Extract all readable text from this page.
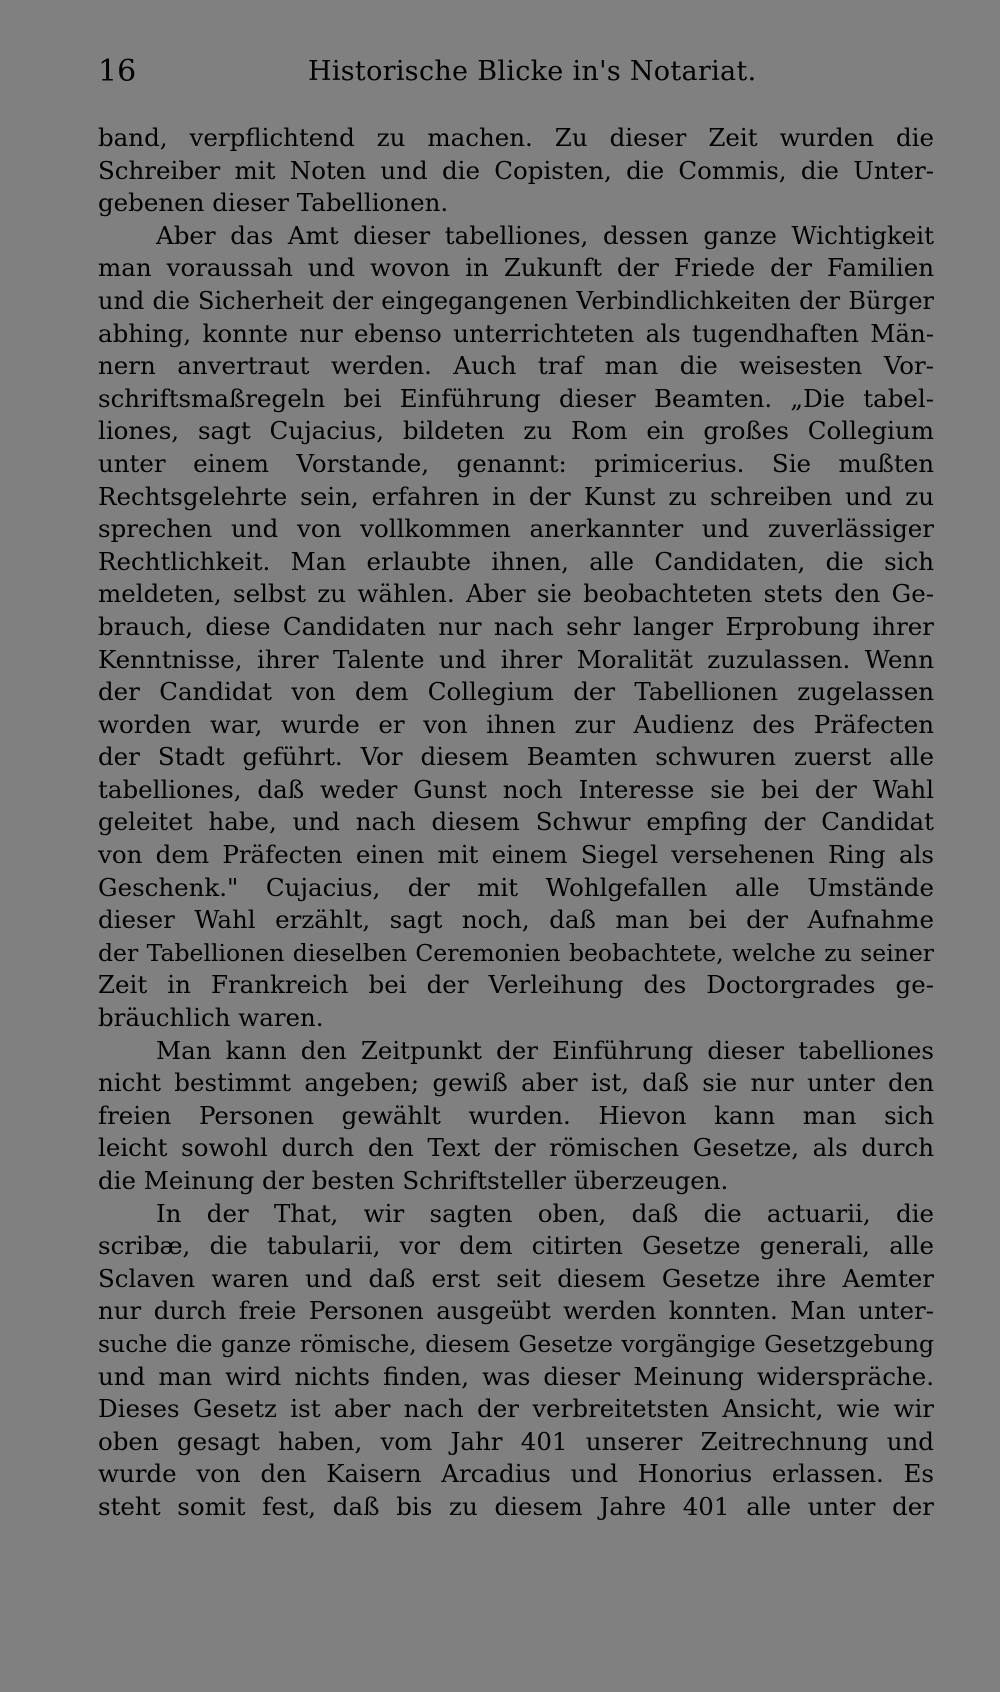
16	Historische Blicke in's Notariat.
band, verpflichtend zu machen. Zu dieser Zeit wurden die
Schreiber mit Noten und die Copisten, die Commis, die Unter-
gebenen dieser Tabellionen.
Aber das Amt dieser tabelliones, dessen ganze Wichtigkeit
man voraussah und wovon in Zukunft der Friede der Familien
und die Sicherheit der eingegangenen Verbindlichkeiten der Bürger
abhing, konnte nur ebenso unterrichteten als tugendhaften Män-
nern anvertraut werden. Auch traf man die weisesten Vor-
schriftsmaßregeln bei Einführung dieser Beamten. „Die tabel-
liones, sagt Cujacius, bildeten zu Rom ein großes Collegium
unter einem Vorstande, genannt: primicerius. Sie mußten
Rechtsgelehrte sein, erfahren in der Kunst zu schreiben und zu
sprechen und von vollkommen anerkannter und zuverlässiger
Rechtlichkeit. Man erlaubte ihnen, alle Candidaten, die sich
meldeten, selbst zu wählen. Aber sie beobachteten stets den Ge-
brauch, diese Candidaten nur nach sehr langer Erprobung ihrer
Kenntnisse, ihrer Talente und ihrer Moralität zuzulassen. Wenn
der Candidat von dem Collegium der Tabellionen zugelassen
worden war, wurde er von ihnen zur Audienz des Präfecten
der Stadt geführt. Vor diesem Beamten schwuren zuerst alle
tabelliones, daß weder Gunst noch Interesse sie bei der Wahl
geleitet habe, und nach diesem Schwur empfing der Candidat
von dem Präfecten einen mit einem Siegel versehenen Ring als
Geschenk." Cujacius, der mit Wohlgefallen alle Umstände
dieser Wahl erzählt, sagt noch, daß man bei der Aufnahme
der Tabellionen dieselben Ceremonien beobachtete, welche zu seiner
Zeit in Frankreich bei der Verleihung des Doctorgrades ge-
bräuchlich waren.
Man kann den Zeitpunkt der Einführung dieser tabelliones
nicht bestimmt angeben; gewiß aber ist, daß sie nur unter den
freien Personen gewählt wurden. Hievon kann man sich
leicht sowohl durch den Text der römischen Gesetze, als durch
die Meinung der besten Schriftsteller überzeugen.
In der That, wir sagten oben, daß die actuarii, die
scribæ, die tabularii, vor dem citirten Gesetze generali, alle
Sclaven waren und daß erst seit diesem Gesetze ihre Aemter
nur durch freie Personen ausgeübt werden konnten. Man unter-
suche die ganze römische, diesem Gesetze vorgängige Gesetzgebung
und man wird nichts finden, was dieser Meinung widerspräche.
Dieses Gesetz ist aber nach der verbreitetsten Ansicht, wie wir
oben gesagt haben, vom Jahr 401 unserer Zeitrechnung und
wurde von den Kaisern Arcadius und Honorius erlassen. Es
steht somit fest, daß bis zu diesem Jahre 401 alle unter der
